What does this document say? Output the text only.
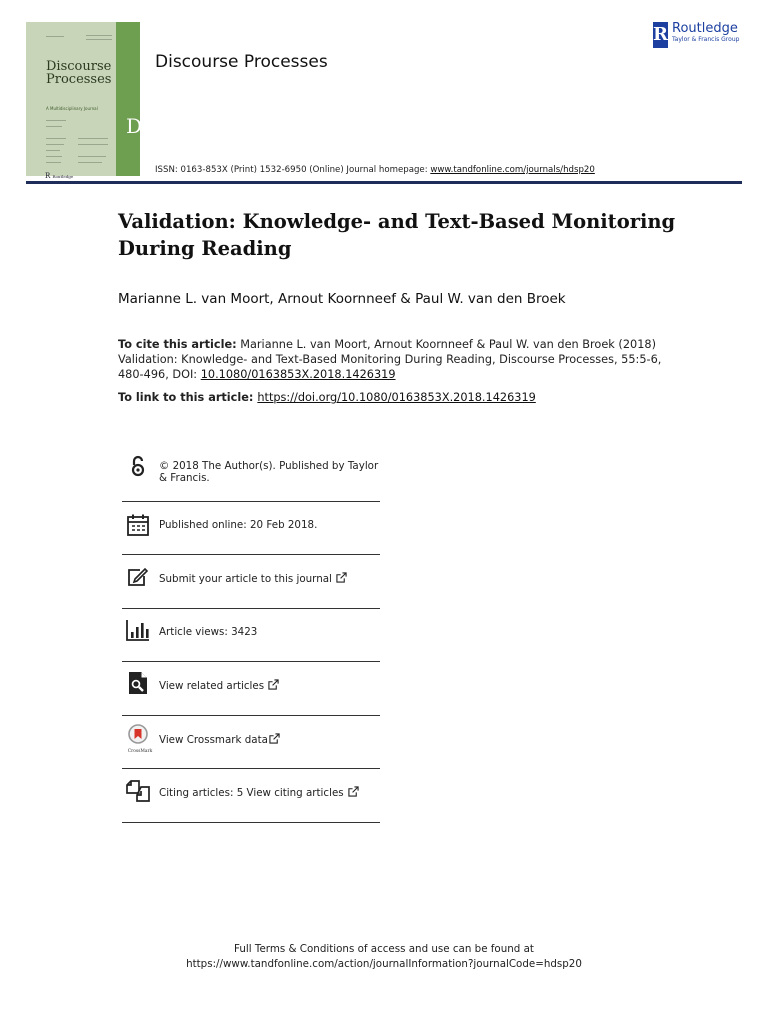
Discourse
Processes
A Multidisciplinary Journal
DP
R Routledge
Discourse Processes
R Routledge
Taylor & Francis Group
ISSN: 0163-853X (Print) 1532-6950 (Online) Journal homepage: www.tandfonline.com/journals/hdsp20
Validation: Knowledge- and Text-Based Monitoring During Reading
Marianne L. van Moort, Arnout Koornneef & Paul W. van den Broek
To cite this article: Marianne L. van Moort, Arnout Koornneef & Paul W. van den Broek (2018) Validation: Knowledge- and Text-Based Monitoring During Reading, Discourse Processes, 55:5-6, 480-496, DOI: 10.1080/0163853X.2018.1426319
To link to this article: https://doi.org/10.1080/0163853X.2018.1426319
© 2018 The Author(s). Published by Taylor & Francis.
Published online: 20 Feb 2018.
Submit your article to this journal
Article views: 3423
View related articles
CrossMark
View Crossmark data
Citing articles: 5 View citing articles
Full Terms & Conditions of access and use can be found at
https://www.tandfonline.com/action/journalInformation?journalCode=hdsp20
